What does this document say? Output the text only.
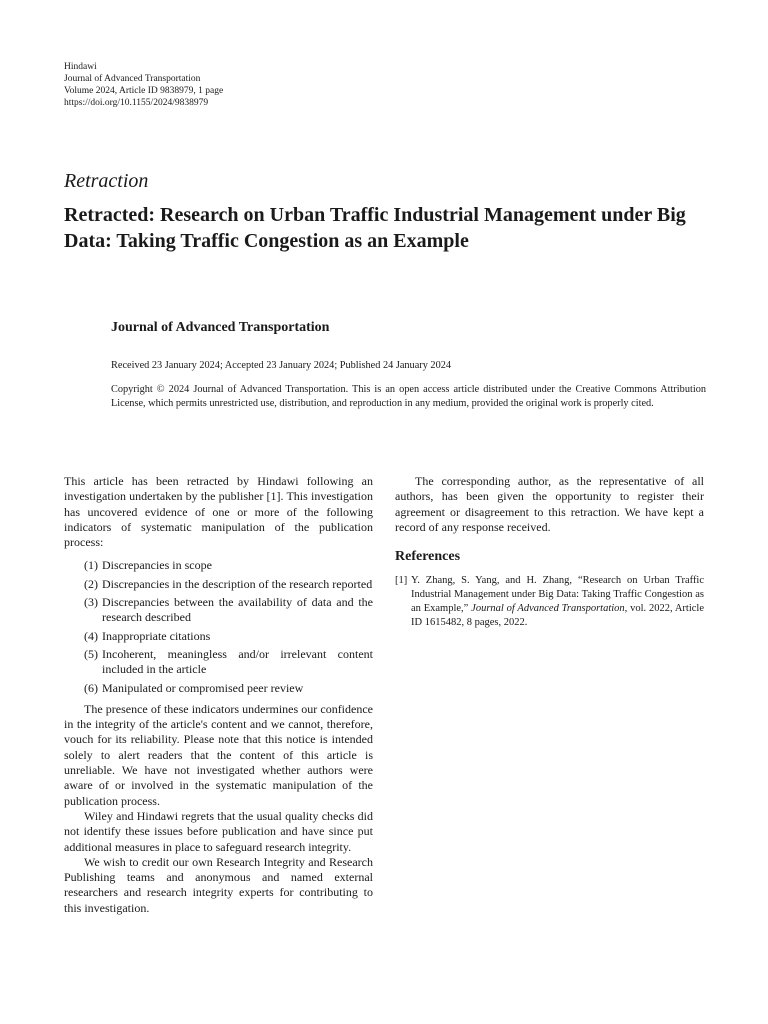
Hindawi
Journal of Advanced Transportation
Volume 2024, Article ID 9838979, 1 page
https://doi.org/10.1155/2024/9838979
Retraction
Retracted: Research on Urban Traffic Industrial Management under Big Data: Taking Traffic Congestion as an Example
Journal of Advanced Transportation
Received 23 January 2024; Accepted 23 January 2024; Published 24 January 2024
Copyright © 2024 Journal of Advanced Transportation. This is an open access article distributed under the Creative Commons Attribution License, which permits unrestricted use, distribution, and reproduction in any medium, provided the original work is properly cited.

This article has been retracted by Hindawi following an investigation undertaken by the publisher [1]. This investigation has uncovered evidence of one or more of the following indicators of systematic manipulation of the publication process:

(1) Discrepancies in scope
(2) Discrepancies in the description of the research reported
(3) Discrepancies between the availability of data and the research described
(4) Inappropriate citations
(5) Incoherent, meaningless and/or irrelevant content included in the article
(6) Manipulated or compromised peer review

The presence of these indicators undermines our confidence in the integrity of the article's content and we cannot, therefore, vouch for its reliability. Please note that this notice is intended solely to alert readers that the content of this article is unreliable. We have not investigated whether authors were aware of or involved in the systematic manipulation of the publication process.

Wiley and Hindawi regrets that the usual quality checks did not identify these issues before publication and have since put additional measures in place to safeguard research integrity.

We wish to credit our own Research Integrity and Research Publishing teams and anonymous and named external researchers and research integrity experts for contributing to this investigation.

The corresponding author, as the representative of all authors, has been given the opportunity to register their agreement or disagreement to this retraction. We have kept a record of any response received.

References
[1] Y. Zhang, S. Yang, and H. Zhang, “Research on Urban Traffic Industrial Management under Big Data: Taking Traffic Congestion as an Example,” Journal of Advanced Transportation, vol. 2022, Article ID 1615482, 8 pages, 2022.
